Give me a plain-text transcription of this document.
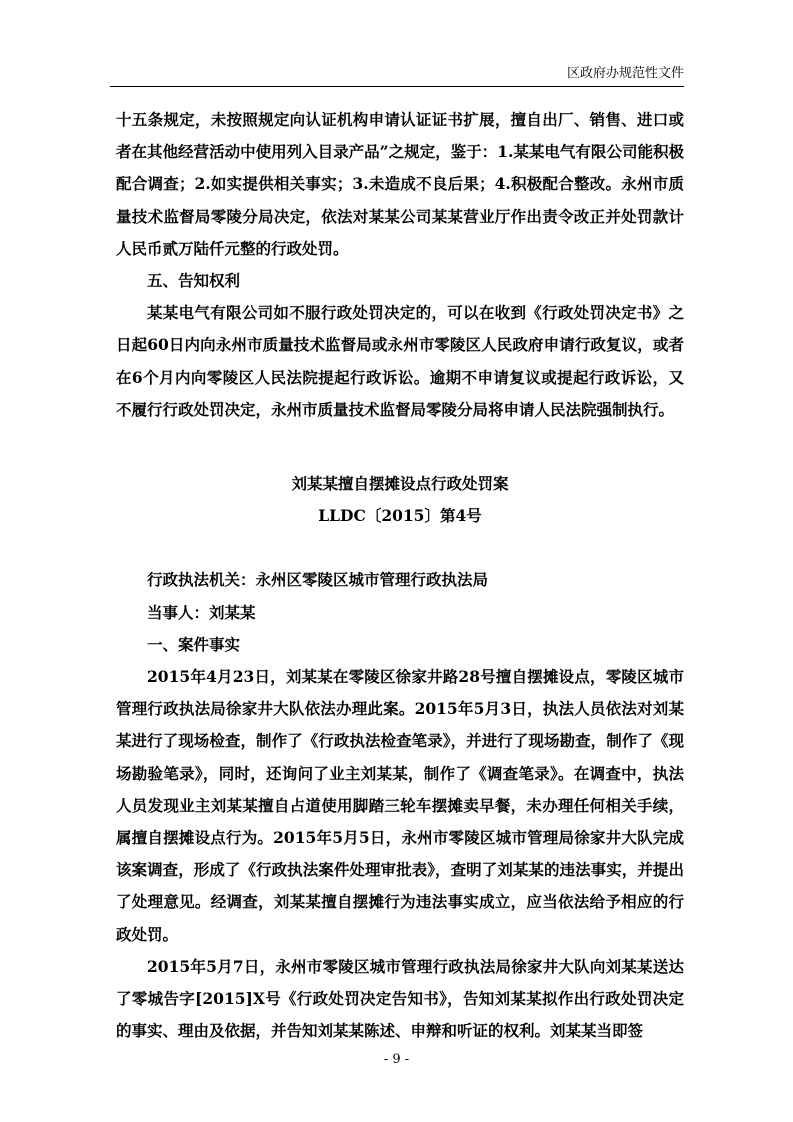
区政府办规范性文件

十五条规定，未按照规定向认证机构申请认证证书扩展，擅自出厂、销售、进口或者在其他经营活动中使用列入目录产品”之规定，鉴于：1.某某电气有限公司能积极配合调查；2.如实提供相关事实；3.未造成不良后果；4.积极配合整改。永州市质量技术监督局零陵分局决定，依法对某某公司某某营业厅作出责令改正并处罚款计人民币贰万陆仟元整的行政处罚。

五、告知权利

某某电气有限公司如不服行政处罚决定的，可以在收到《行政处罚决定书》之日起60日内向永州市质量技术监督局或永州市零陵区人民政府申请行政复议，或者在6个月内向零陵区人民法院提起行政诉讼。逾期不申请复议或提起行政诉讼，又不履行行政处罚决定，永州市质量技术监督局零陵分局将申请人民法院强制执行。

刘某某擅自摆摊设点行政处罚案

LLDC〔2015〕第4号

行政执法机关：永州区零陵区城市管理行政执法局

当事人：刘某某

一、案件事实

2015年4月23日，刘某某在零陵区徐家井路28号擅自摆摊设点，零陵区城市管理行政执法局徐家井大队依法办理此案。2015年5月3日，执法人员依法对刘某某进行了现场检查，制作了《行政执法检查笔录》，并进行了现场勘查，制作了《现场勘验笔录》，同时，还询问了业主刘某某，制作了《调查笔录》。在调查中，执法人员发现业主刘某某擅自占道使用脚踏三轮车摆摊卖早餐，未办理任何相关手续，属擅自摆摊设点行为。2015年5月5日，永州市零陵区城市管理局徐家井大队完成该案调查，形成了《行政执法案件处理审批表》，查明了刘某某的违法事实，并提出了处理意见。经调查，刘某某擅自摆摊行为违法事实成立，应当依法给予相应的行政处罚。

2015年5月7日，永州市零陵区城市管理行政执法局徐家井大队向刘某某送达了零城告字[2015]X号《行政处罚决定告知书》，告知刘某某拟作出行政处罚决定的事实、理由及依据，并告知刘某某陈述、申辩和听证的权利。刘某某当即签

- 9 -
